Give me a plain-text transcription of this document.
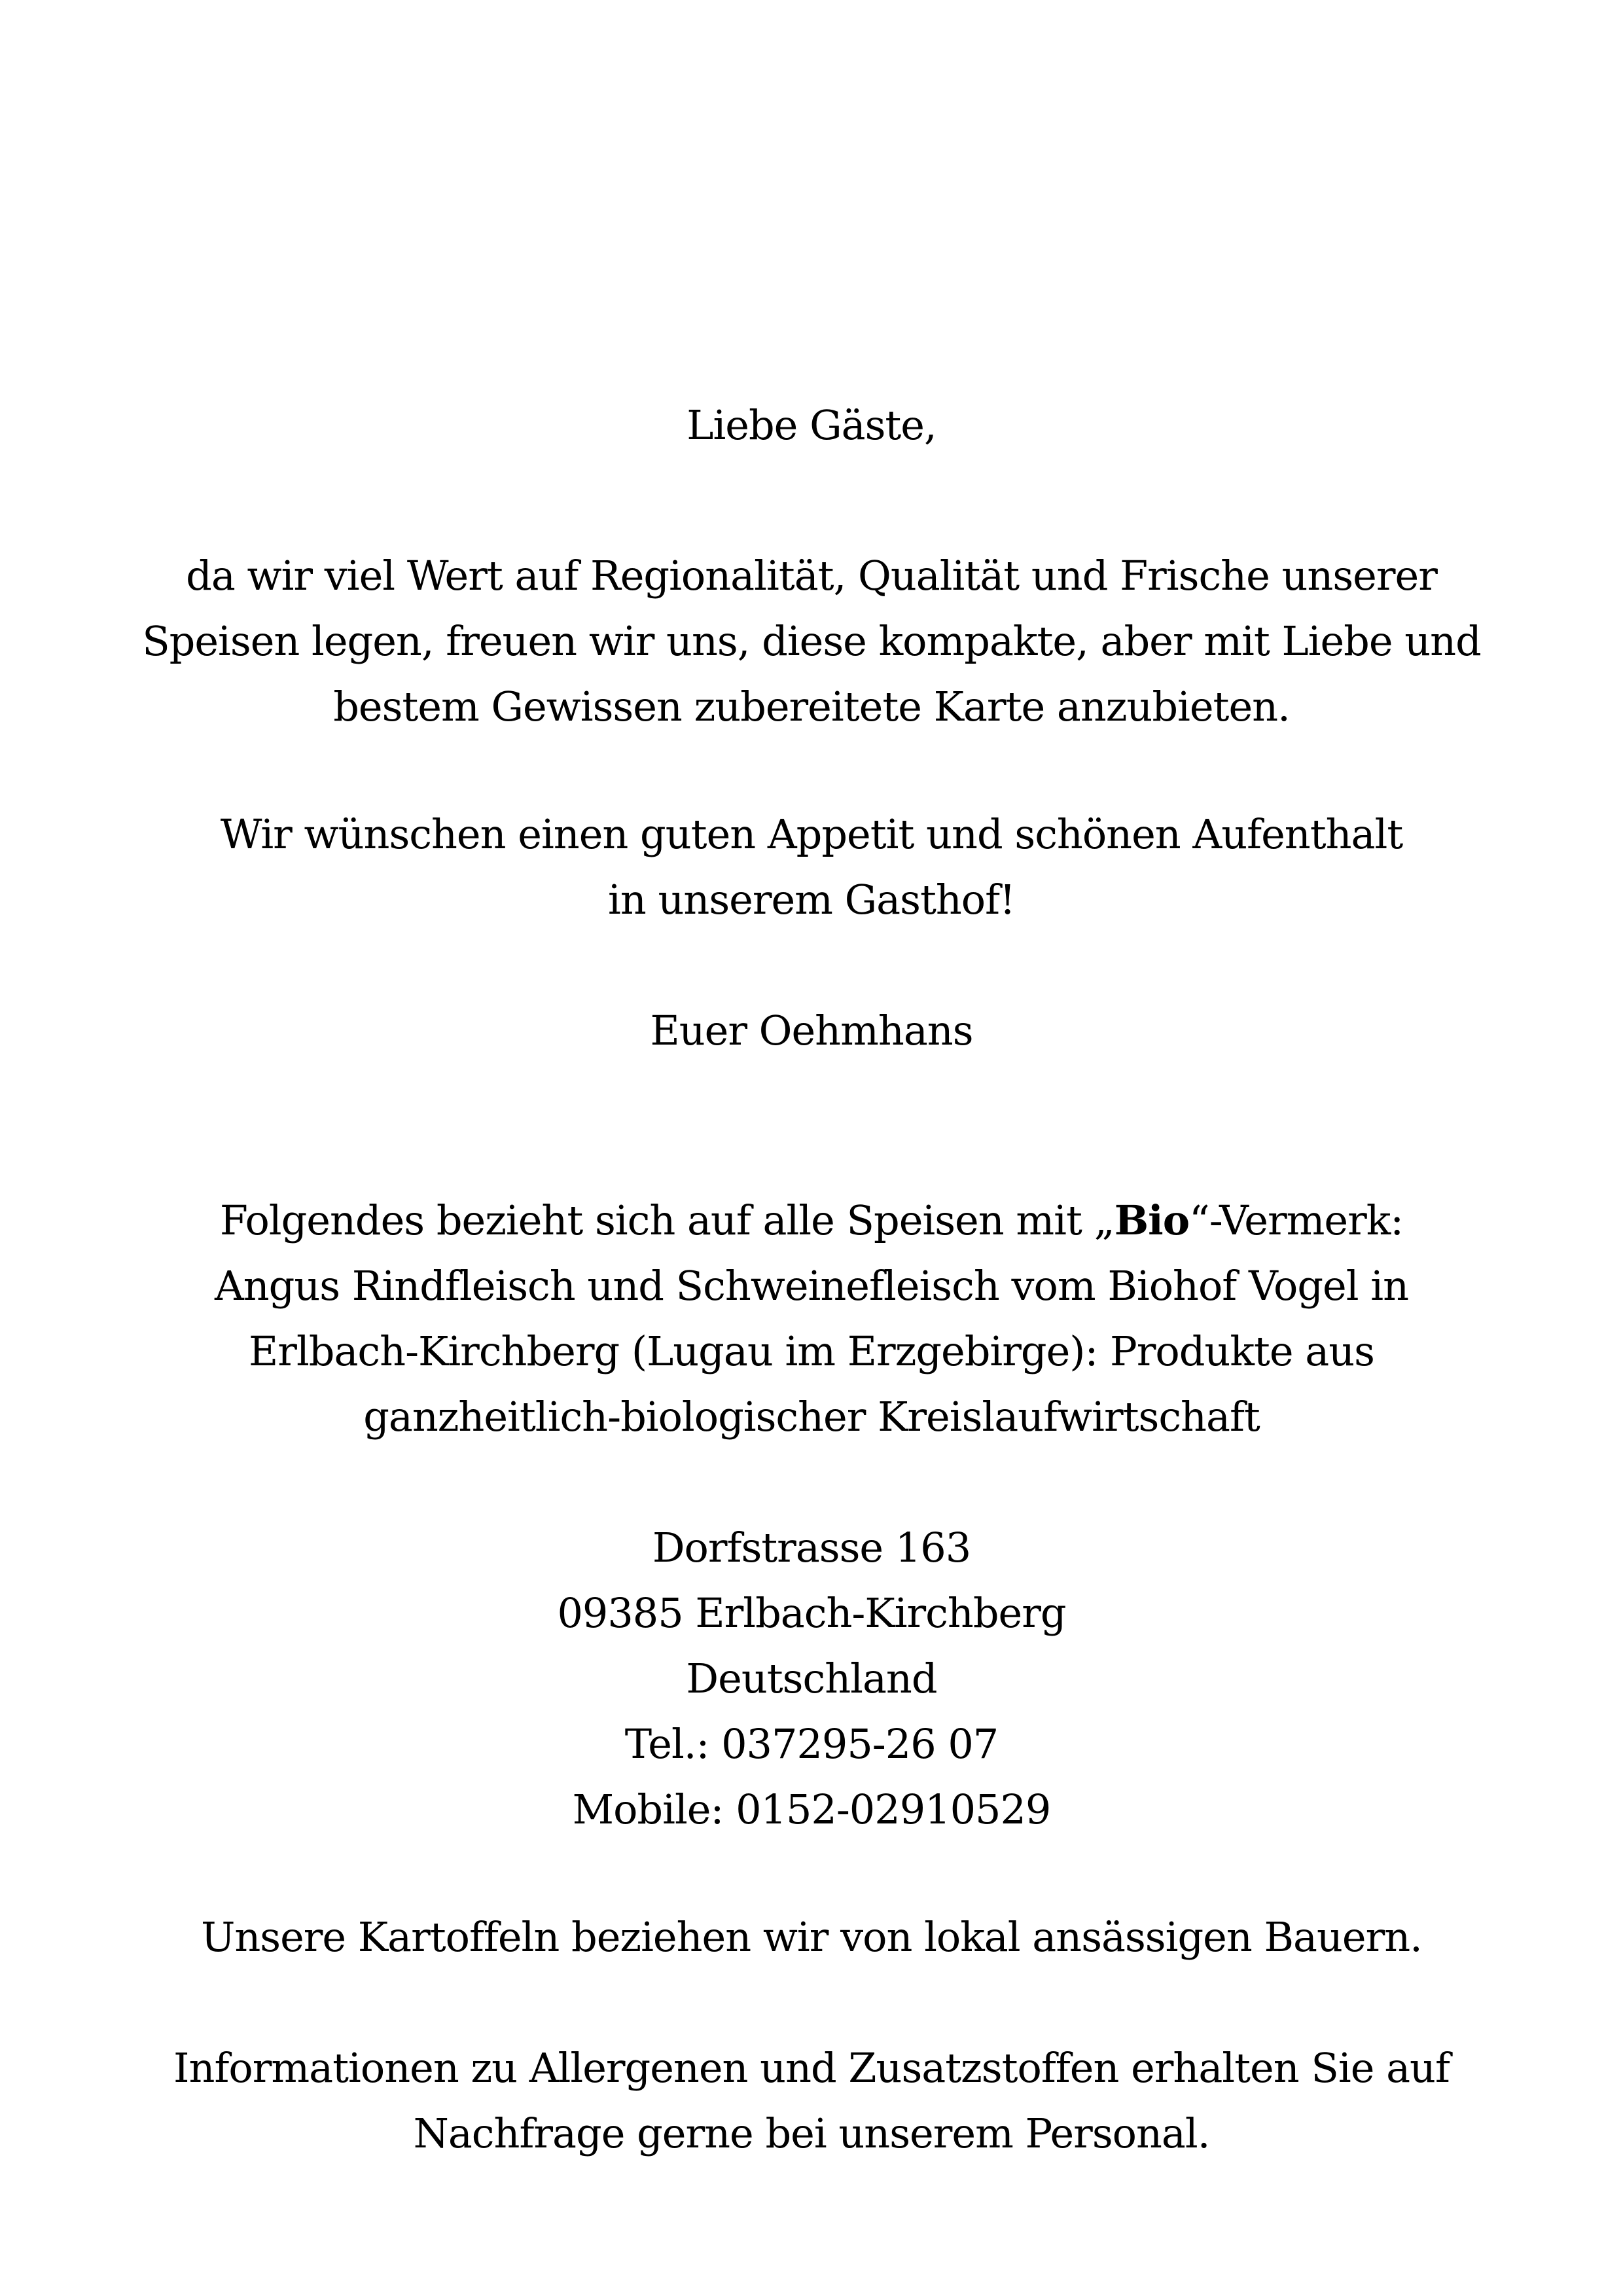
Liebe Gäste,
da wir viel Wert auf Regionalität, Qualität und Frische unserer
Speisen legen, freuen wir uns, diese kompakte, aber mit Liebe und
bestem Gewissen zubereitete Karte anzubieten.
Wir wünschen einen guten Appetit und schönen Aufenthalt
in unserem Gasthof!
Euer Oehmhans
Folgendes bezieht sich auf alle Speisen mit „Bio“-Vermerk:
Angus Rindfleisch und Schweinefleisch vom Biohof Vogel in
Erlbach-Kirchberg (Lugau im Erzgebirge): Produkte aus
ganzheitlich-biologischer Kreislaufwirtschaft
Dorfstrasse 163
09385 Erlbach-Kirchberg
Deutschland
Tel.: 037295-26 07
Mobile: 0152-02910529
Unsere Kartoffeln beziehen wir von lokal ansässigen Bauern.
Informationen zu Allergenen und Zusatzstoffen erhalten Sie auf
Nachfrage gerne bei unserem Personal.
